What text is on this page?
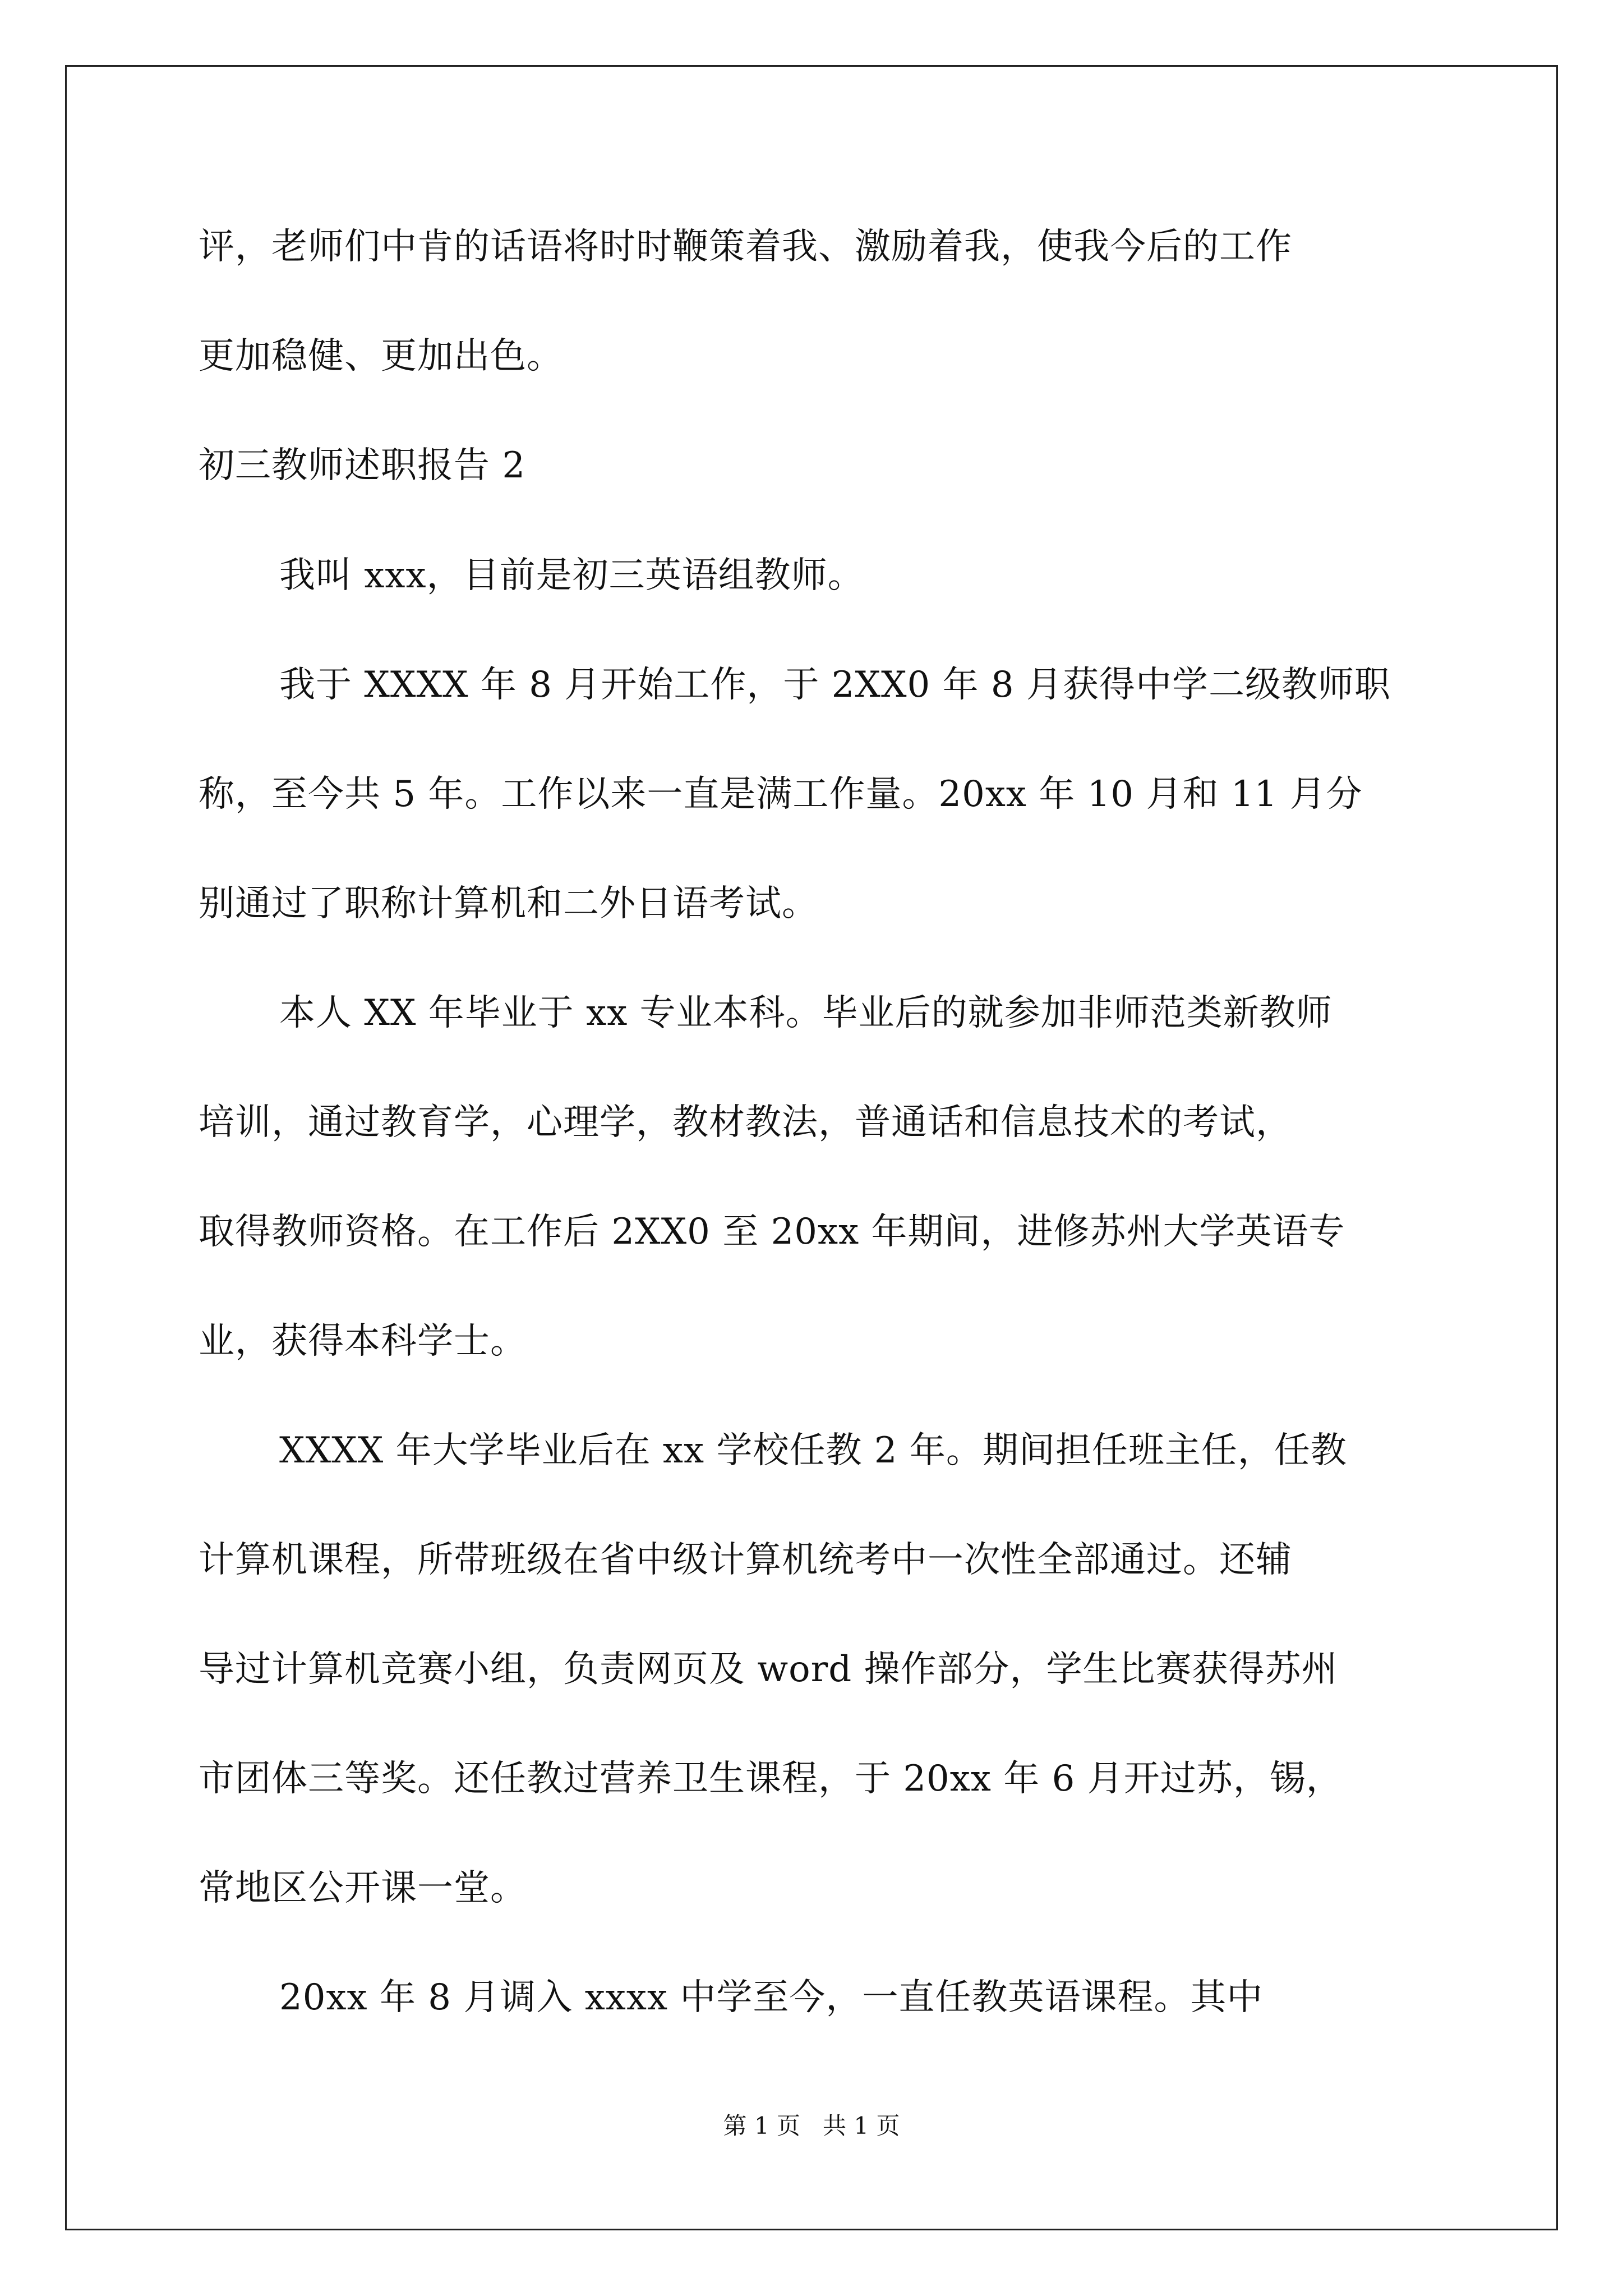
评，老师们中肯的话语将时时鞭策着我、激励着我，使我今后的工作
更加稳健、更加出色。
初三教师述职报告 2
我叫 xxx，目前是初三英语组教师。
我于 XXXX 年 8 月开始工作，于 2XX0 年 8 月获得中学二级教师职
称，至今共 5 年。工作以来一直是满工作量。20xx 年 10 月和 11 月分
别通过了职称计算机和二外日语考试。
本人 XX 年毕业于 xx 专业本科。毕业后的就参加非师范类新教师
培训，通过教育学，心理学，教材教法，普通话和信息技术的考试，
取得教师资格。在工作后 2XX0 至 20xx 年期间，进修苏州大学英语专
业，获得本科学士。
XXXX 年大学毕业后在 xx 学校任教 2 年。期间担任班主任，任教
计算机课程，所带班级在省中级计算机统考中一次性全部通过。还辅
导过计算机竞赛小组，负责网页及 word 操作部分，学生比赛获得苏州
市团体三等奖。还任教过营养卫生课程，于 20xx 年 6 月开过苏，锡，
常地区公开课一堂。
20xx 年 8 月调入 xxxx 中学至今，一直任教英语课程。其中
第 1 页   共 1 页
